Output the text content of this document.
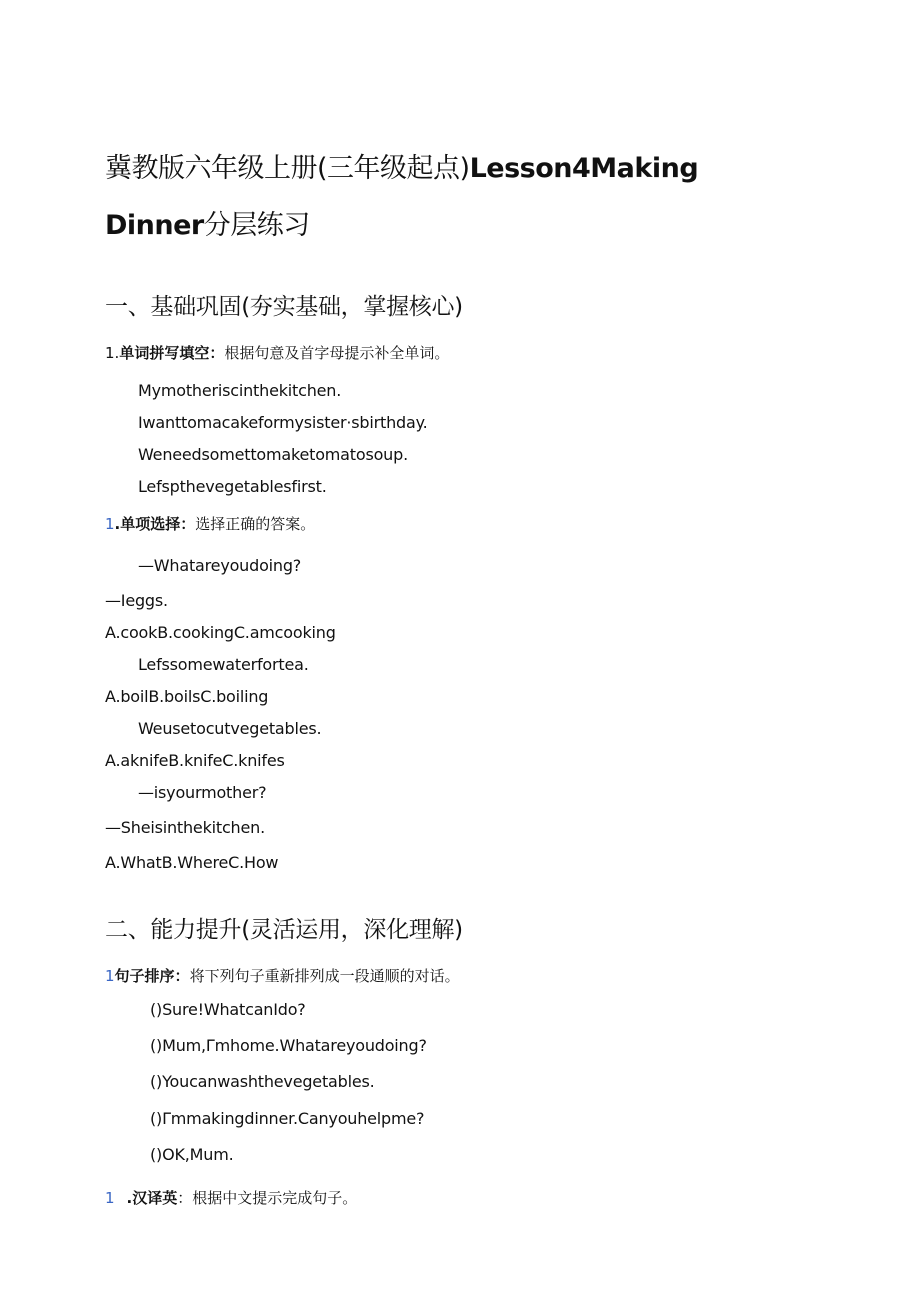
冀教版六年级上册(三年级起点)Lesson4Making
Dinner分层练习
一、基础巩固(夯实基础，掌握核心)
1.单词拼写填空：根据句意及首字母提示补全单词。
Mymotheriscinthekitchen.
Iwanttomacakeformysister·sbirthday.
Weneedsomettomaketomatosoup.
Lefspthevegetablesfirst.
1.单项选择：选择正确的答案。
—Whatareyoudoing?
—Ieggs.
A.cookB.cookingC.amcooking
Lefssomewaterfortea.
A.boilB.boilsC.boiling
Weusetocutvegetables.
A.aknifeB.knifeC.knifes
—isyourmother?
—Sheisinthekitchen.
A.WhatB.WhereC.How
二、能力提升(灵活运用，深化理解)
1句子排序：将下列句子重新排列成一段通顺的对话。
()Sure!WhatcanIdo?
()Mum,Γmhome.Whatareyoudoing?
()Youcanwashthevegetables.
()Γmmakingdinner.Canyouhelpme?
()OK,Mum.
1 .汉译英：根据中文提示完成句子。
